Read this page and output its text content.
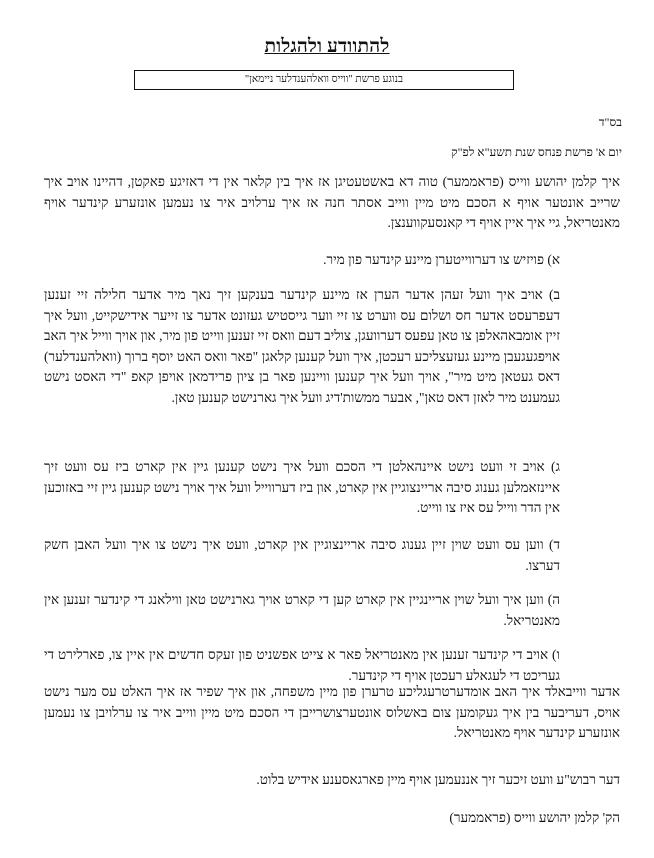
להתוודע ולהגלות
בנוגע פרשת "ווייס וואלהענדלער ניימאן"
בס"ד
יום א' פרשת פנחס שנת תשע"א לפ"ק
איך קלמן יהושע ווייס (פראממער) טוה דא באשטעטיגן אז איך בין קלאר אין די דאזיגע פאקטן, דהיינו אויב איך שרייב אונטער אויף א הסכם מיט מיין ווייב אסתר חנה אז איך ערלויב איר צו נעמען אונזערע קינדער אויף מאנטריאל, גיי איך איין אויף די קאנסעקווענצן.
א) פויזיש צו דערווייטערן מיינע קינדער פון מיר.
ב) אויב איך וועל זעהן אדער הערן אז מיינע קינדער בענקען זיך נאך מיר אדער חלילה זיי זענען דעפרעסט אדער חס ושלום עס ווערט צו זיי ווער גייסטיש געזונט אדער צו זייער אידישקייט, וועל איך זיין אומבאהאלפן צו טאן עפעס דערוועגן, צוליב דעם וואס זיי זענען ווייט פון מיר, און אויך ווייל איך האב אויפגעגעבן מיינע געזעצליכע רעכטן, איך וועל קענען קלאגן "פאר וואס האט יוסף ברוך (וואלהענדלער) דאס געטאן מיט מיר", אויך וועל איך קענען וויינען פאר בן ציון פרידמאן אויפן קאפ "די האסט נישט געמענט מיר לאזן דאס טאן", אבער ממשות'דיג וועל איך גארנישט קענען טאן.
ג) אויב זי וועט נישט איינהאלטן די הסכם וועל איך נישט קענען גיין אין קארט ביז עס וועט זיך איינזאמלען גענוג סיבה אריינצוגיין אין קארט, און ביז דערווייל וועל איך אויך נישט קענען גיין זיי באזוכען אין הדר ווייל עס איז צו ווייט.
ד) ווען עס וועט שוין זיין גענוג סיבה אריינצוגיין אין קארט, וועט איך נישט צו איך וועל האבן חשק דערצו.
ה) ווען איך וועל שוין אריינגיין אין קארט קען די קארט אויך גארנישט טאן ווילאנג די קינדער זענען אין מאנטריאל.
ו) אויב די קינדער זענען אין מאנטריאל פאר א צייט אפשניט פון זעקס חדשים אין איין צו, פארלירט די געריכט די לעגאלע רעכטן אויף די קינדער.
אדער ווייבאלד איך האב אומדערטרעגליכע טרערן פון מיין משפחה, און איך שפיר אז איך האלט עס מער נישט אויס, דעריבער בין איך געקומען צום באשלוס אונטערצושרייבן די הסכם מיט מיין ווייב איר צו ערלויבן צו נעמען אונזערע קינדער אויף מאנטריאל.
דער רבוש"ע וועט זיכער זיך אננעמען אויף מיין פארגאסענע אידיש בלוט.
הק' קלמן יהושע ווייס (פראממער)
